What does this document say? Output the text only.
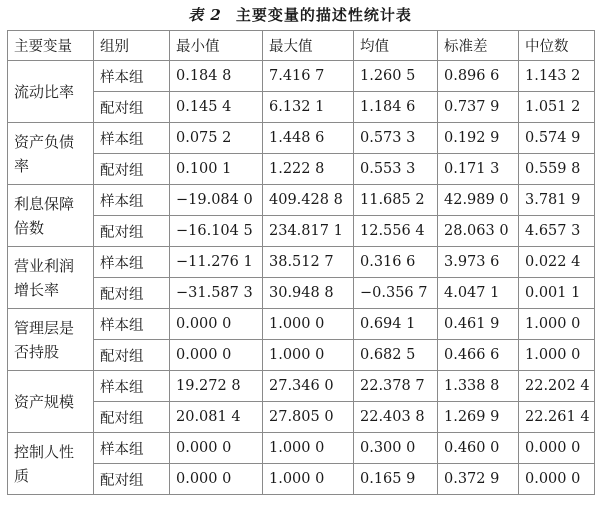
表 2 主要变量的描述性统计表
主要变量	组别	最小值	最大值	均值	标准差	中位数
流动比率	样本组	0.184 8	7.416 7	1.260 5	0.896 6	1.143 2
	配对组	0.145 4	6.132 1	1.184 6	0.737 9	1.051 2
资产负债率	样本组	0.075 2	1.448 6	0.573 3	0.192 9	0.574 9
	配对组	0.100 1	1.222 8	0.553 3	0.171 3	0.559 8
利息保障倍数	样本组	−19.084 0	409.428 8	11.685 2	42.989 0	3.781 9
	配对组	−16.104 5	234.817 1	12.556 4	28.063 0	4.657 3
营业利润增长率	样本组	−11.276 1	38.512 7	0.316 6	3.973 6	0.022 4
	配对组	−31.587 3	30.948 8	−0.356 7	4.047 1	0.001 1
管理层是否持股	样本组	0.000 0	1.000 0	0.694 1	0.461 9	1.000 0
	配对组	0.000 0	1.000 0	0.682 5	0.466 6	1.000 0
资产规模	样本组	19.272 8	27.346 0	22.378 7	1.338 8	22.202 4
	配对组	20.081 4	27.805 0	22.403 8	1.269 9	22.261 4
控制人性质	样本组	0.000 0	1.000 0	0.300 0	0.460 0	0.000 0
	配对组	0.000 0	1.000 0	0.165 9	0.372 9	0.000 0
